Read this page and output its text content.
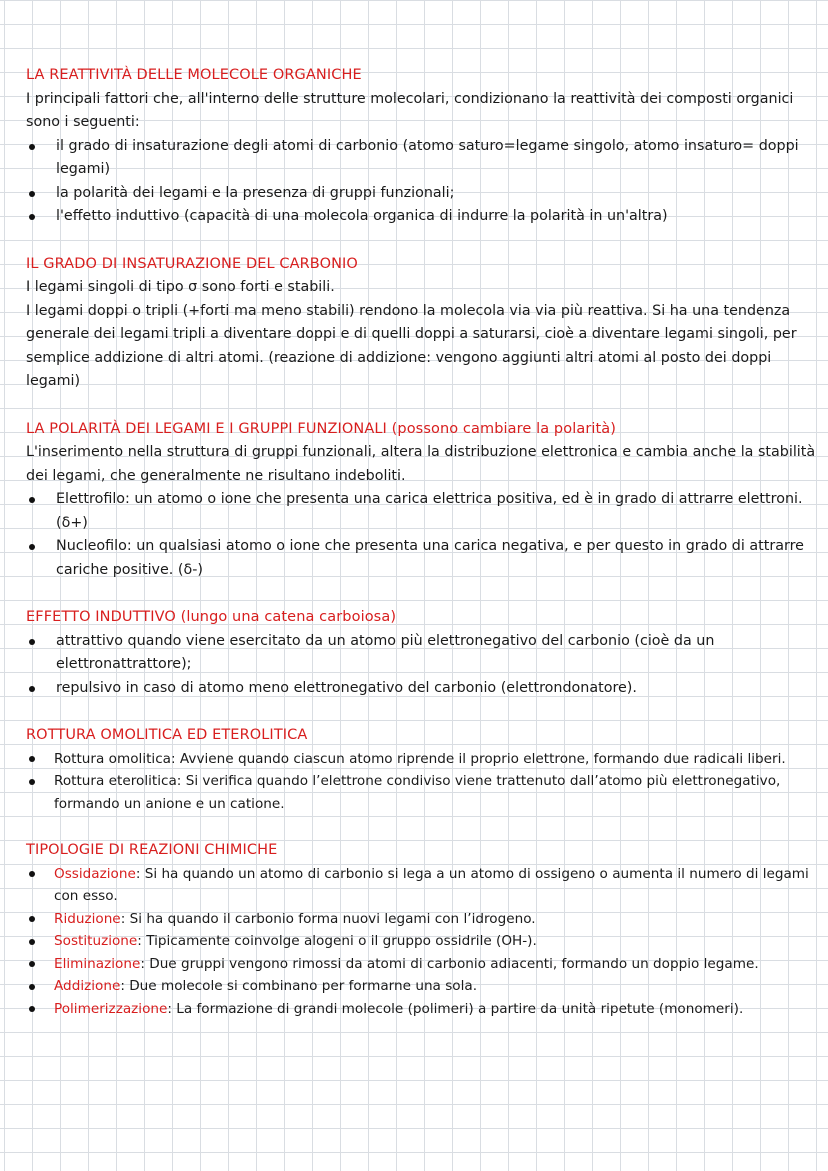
LA REATTIVITÀ DELLE MOLECOLE ORGANICHE

I principali fattori che, all'interno delle strutture molecolari, condizionano la reattività dei composti organici sono i seguenti:

il grado di insaturazione degli atomi di carbonio (atomo saturo=legame singolo, atomo insaturo= doppi legami)
la polarità dei legami e la presenza di gruppi funzionali;
l'effetto induttivo (capacità di una molecola organica di indurre la polarità in un'altra)
IL GRADO DI INSATURAZIONE DEL CARBONIO

I legami singoli di tipo σ sono forti e stabili.

I legami doppi o tripli (+forti ma meno stabili) rendono la molecola via via più reattiva. Si ha una tendenza generale dei legami tripli a diventare doppi e di quelli doppi a saturarsi, cioè a diventare legami singoli, per semplice addizione di altri atomi. (reazione di addizione: vengono aggiunti altri atomi al posto dei doppi legami)

LA POLARITÀ DEI LEGAMI E I GRUPPI FUNZIONALI (possono cambiare la polarità)

L'inserimento nella struttura di gruppi funzionali, altera la distribuzione elettronica e cambia anche la stabilità dei legami, che generalmente ne risultano indeboliti.

Elettrofilo: un atomo o ione che presenta una carica elettrica positiva, ed è in grado di attrarre elettroni. (δ+)
Nucleofilo: un qualsiasi atomo o ione che presenta una carica negativa, e per questo in grado di attrarre cariche positive. (δ-)
EFFETTO INDUTTIVO (lungo una catena carboiosa)
attrattivo quando viene esercitato da un atomo più elettronegativo del carbonio (cioè da un elettronattrattore);
repulsivo in caso di atomo meno elettronegativo del carbonio (elettrondonatore).
ROTTURA OMOLITICA ED ETEROLITICA
Rottura omolitica: Avviene quando ciascun atomo riprende il proprio elettrone, formando due radicali liberi.
Rottura eterolitica: Si verifica quando l’elettrone condiviso viene trattenuto dall’atomo più elettronegativo, formando un anione e un catione.
TIPOLOGIE DI REAZIONI CHIMICHE
Ossidazione: Si ha quando un atomo di carbonio si lega a un atomo di ossigeno o aumenta il numero di legami con esso.
Riduzione: Si ha quando il carbonio forma nuovi legami con l’idrogeno.
Sostituzione: Tipicamente coinvolge alogeni o il gruppo ossidrile (OH-).
Eliminazione: Due gruppi vengono rimossi da atomi di carbonio adiacenti, formando un doppio legame.
Addizione: Due molecole si combinano per formarne una sola.
Polimerizzazione: La formazione di grandi molecole (polimeri) a partire da unità ripetute (monomeri).
